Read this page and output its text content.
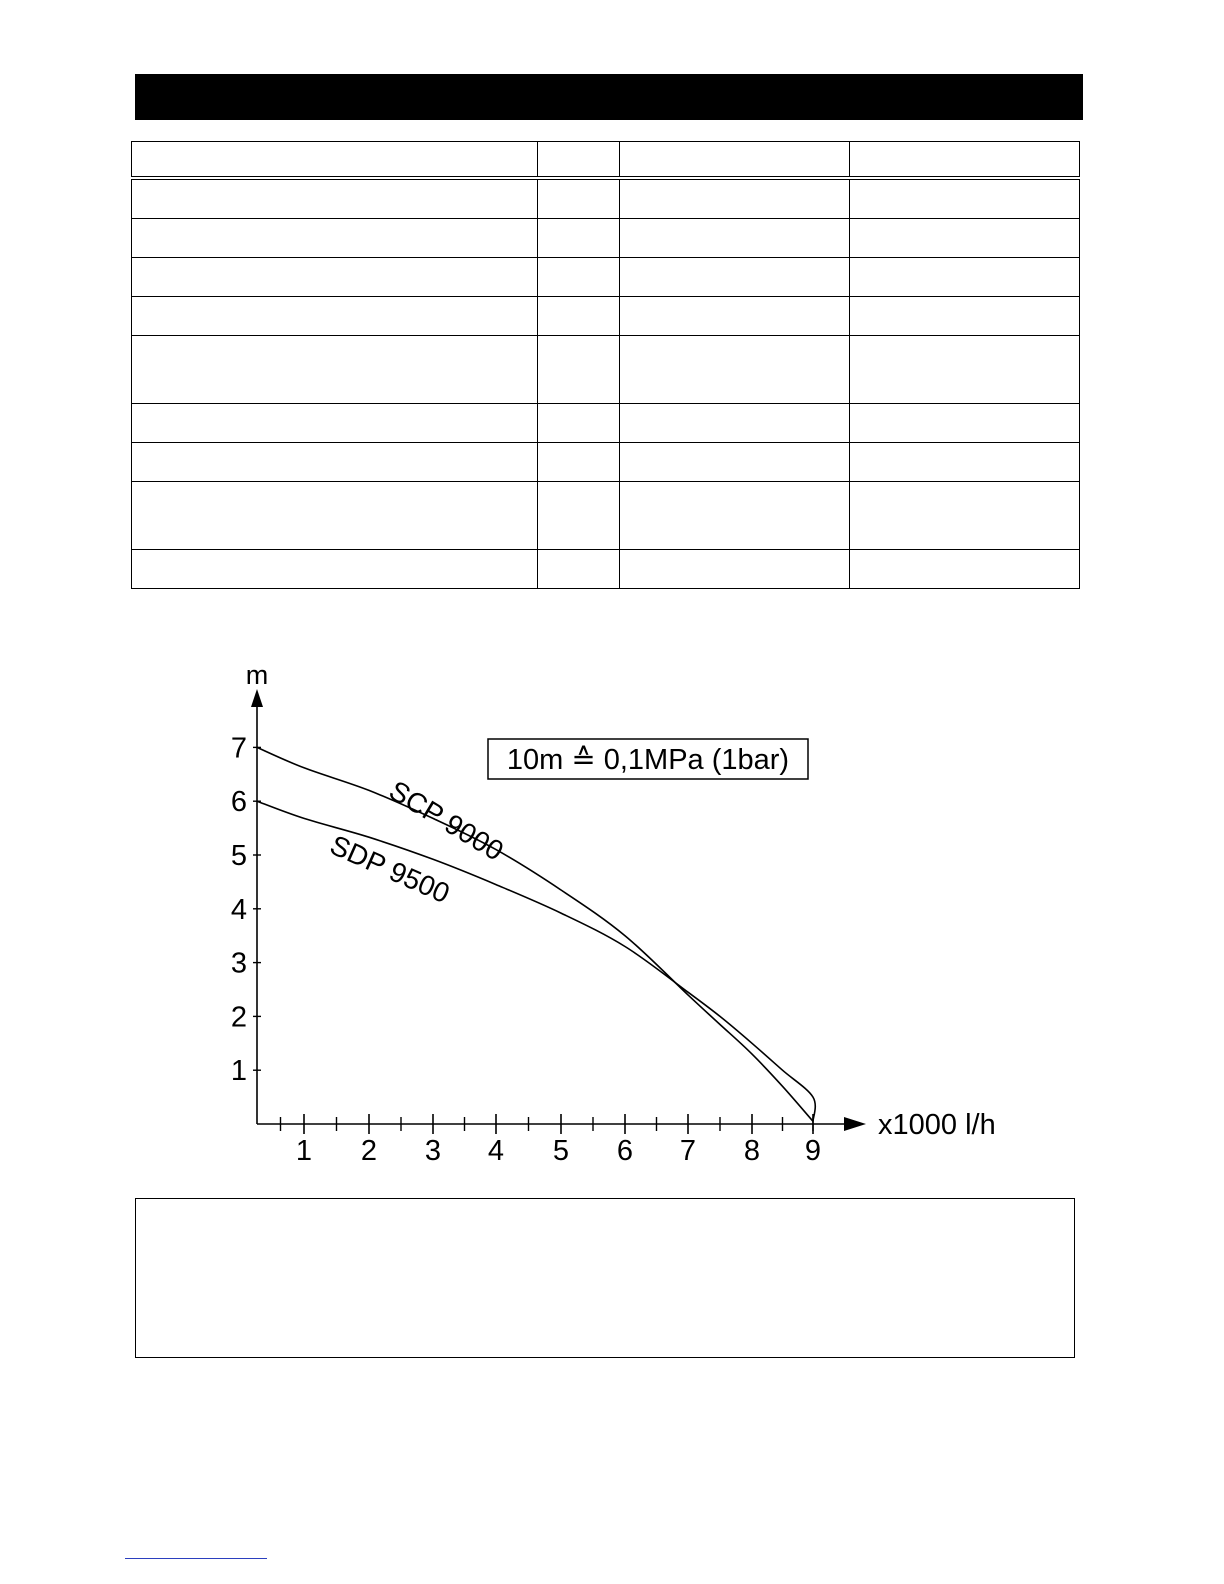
1 2 3 4 5 6 7 8 9
1
2
3
4
5
6
7
m
x1000 l/h
10m ≙ 0,1MPa (1bar)
SCP 9000
SDP 9500
